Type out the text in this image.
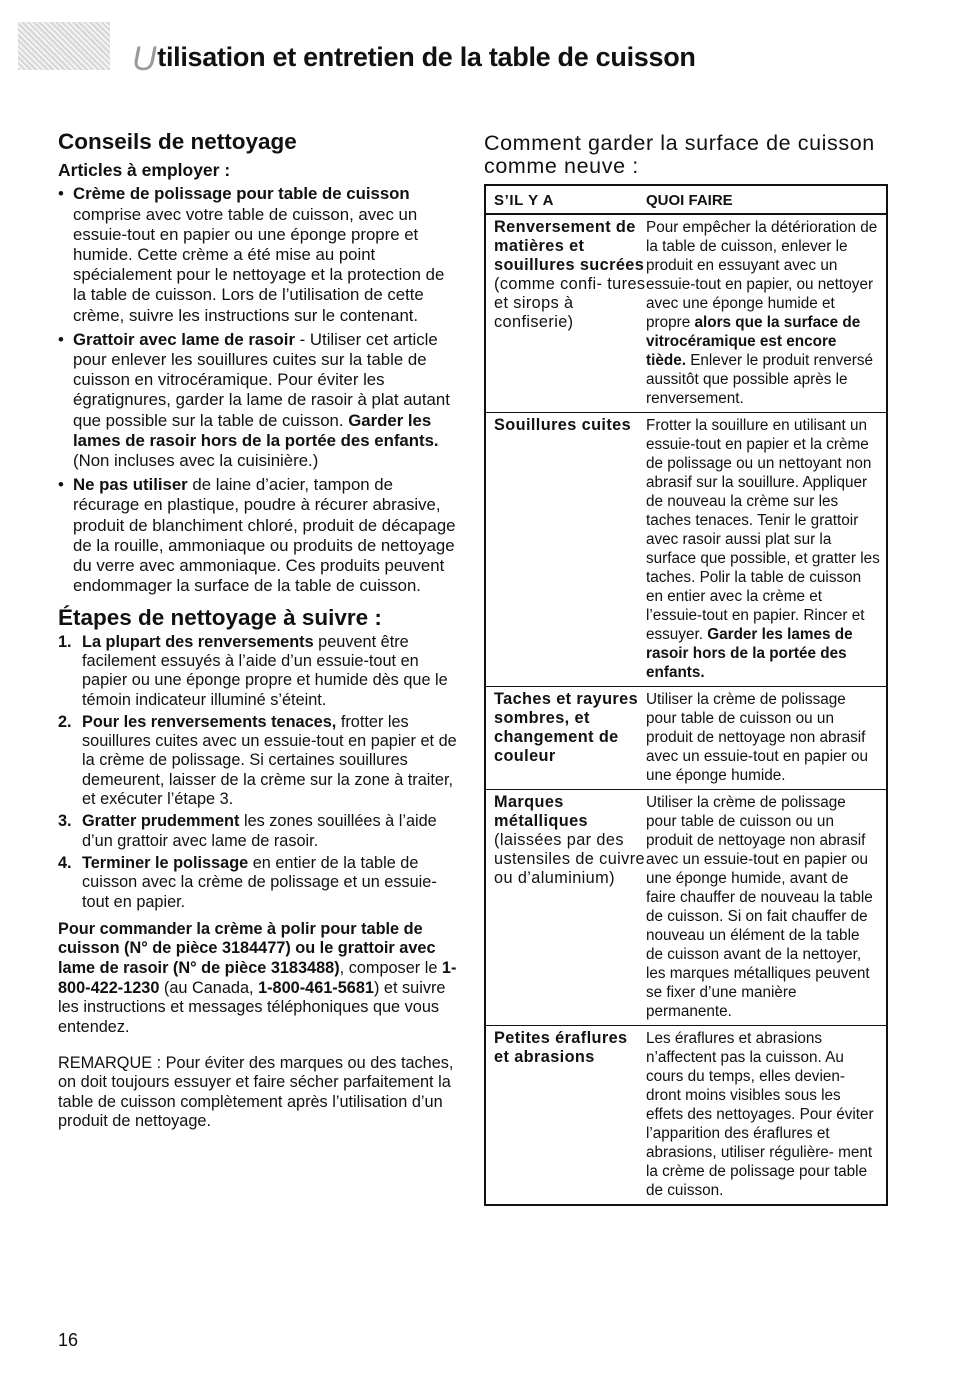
Utilisation et entretien de la table de cuisson
Conseils de nettoyage
Articles à employer :
• Crème de polissage pour table de cuisson comprise avec votre table de cuisson, avec un essuie-tout en papier ou une éponge propre et humide. Cette crème a été mise au point spécialement pour le nettoyage et la protection de la table de cuisson. Lors de l’utilisation de cette crème, suivre les instructions sur le contenant.
• Grattoir avec lame de rasoir - Utiliser cet article pour enlever les souillures cuites sur la table de cuisson en vitrocéramique. Pour éviter les égratignures, garder la lame de rasoir à plat autant que possible sur la table de cuisson. Garder les lames de rasoir hors de la portée des enfants. (Non incluses avec la cuisinière.)
• Ne pas utiliser de laine d’acier, tampon de récurage en plastique, poudre à récurer abrasive, produit de blanchiment chloré, produit de décapage de la rouille, ammoniaque ou produits de nettoyage du verre avec ammoniaque. Ces produits peuvent endommager la surface de la table de cuisson.
Étapes de nettoyage à suivre :
1. La plupart des renversements peuvent être facilement essuyés à l’aide d’un essuie-tout en papier ou une éponge propre et humide dès que le témoin indicateur illuminé s’éteint.
2. Pour les renversements tenaces, frotter les souillures cuites avec un essuie-tout en papier et de la crème de polissage. Si certaines souillures demeurent, laisser de la crème sur la zone à traiter, et exécuter l’étape 3.
3. Gratter prudemment les zones souillées à l’aide d’un grattoir avec lame de rasoir.
4. Terminer le polissage en entier de la table de cuisson avec la crème de polissage et un essuie-tout en papier.

Pour commander la crème à polir pour table de cuisson (N° de pièce 3184477) ou le grattoir avec lame de rasoir (N° de pièce 3183488), composer le 1-800-422-1230 (au Canada, 1-800-461-5681) et suivre les instructions et messages téléphoniques que vous entendez.

REMARQUE : Pour éviter des marques ou des taches, on doit toujours essuyer et faire sécher parfaitement la table de cuisson complètement après l’utilisation d’un produit de nettoyage.

16
Comment garder la surface de cuisson comme neuve :
S’IL Y A	QUOI FAIRE
Renversement de matières et souillures sucrées (comme confi- tures et sirops à confiserie)
Pour empêcher la détérioration de la table de cuisson, enlever le produit en essuyant avec un essuie-tout en papier, ou nettoyer avec une éponge humide et propre alors que la surface de vitrocéramique est encore tiède. Enlever le produit renversé aussitôt que possible après le renversement.
Souillures cuites Frotter la souillure en utilisant un essuie-tout en papier et la crème de polissage ou un nettoyant non abrasif sur la souillure. Appliquer de nouveau la crème sur les taches tenaces. Tenir le grattoir avec rasoir aussi plat sur la surface que possible, et gratter les taches. Polir la table de cuisson en entier avec la crème et l’essuie-tout en papier. Rincer et essuyer. Garder les lames de rasoir hors de la portée des enfants.
Taches et rayures sombres, et changement de couleur
Utiliser la crème de polissage pour table de cuisson ou un produit de nettoyage non abrasif avec un essuie-tout en papier ou une éponge humide.
Marques métalliques (laissées par des ustensiles de cuivre ou d’aluminium)
Utiliser la crème de polissage pour table de cuisson ou un produit de nettoyage non abrasif avec un essuie-tout en papier ou une éponge humide, avant de faire chauffer de nouveau la table de cuisson. Si on fait chauffer de nouveau un élément de la table de cuisson avant de la nettoyer, les marques métalliques peuvent se fixer d’une manière permanente.
Petites éraflures et abrasions
Les éraflures et abrasions n’affectent pas la cuisson. Au cours du temps, elles devien- dront moins visibles sous les effets des nettoyages. Pour éviter l’apparition des éraflures et abrasions, utiliser régulière- ment la crème de polissage pour table de cuisson.
